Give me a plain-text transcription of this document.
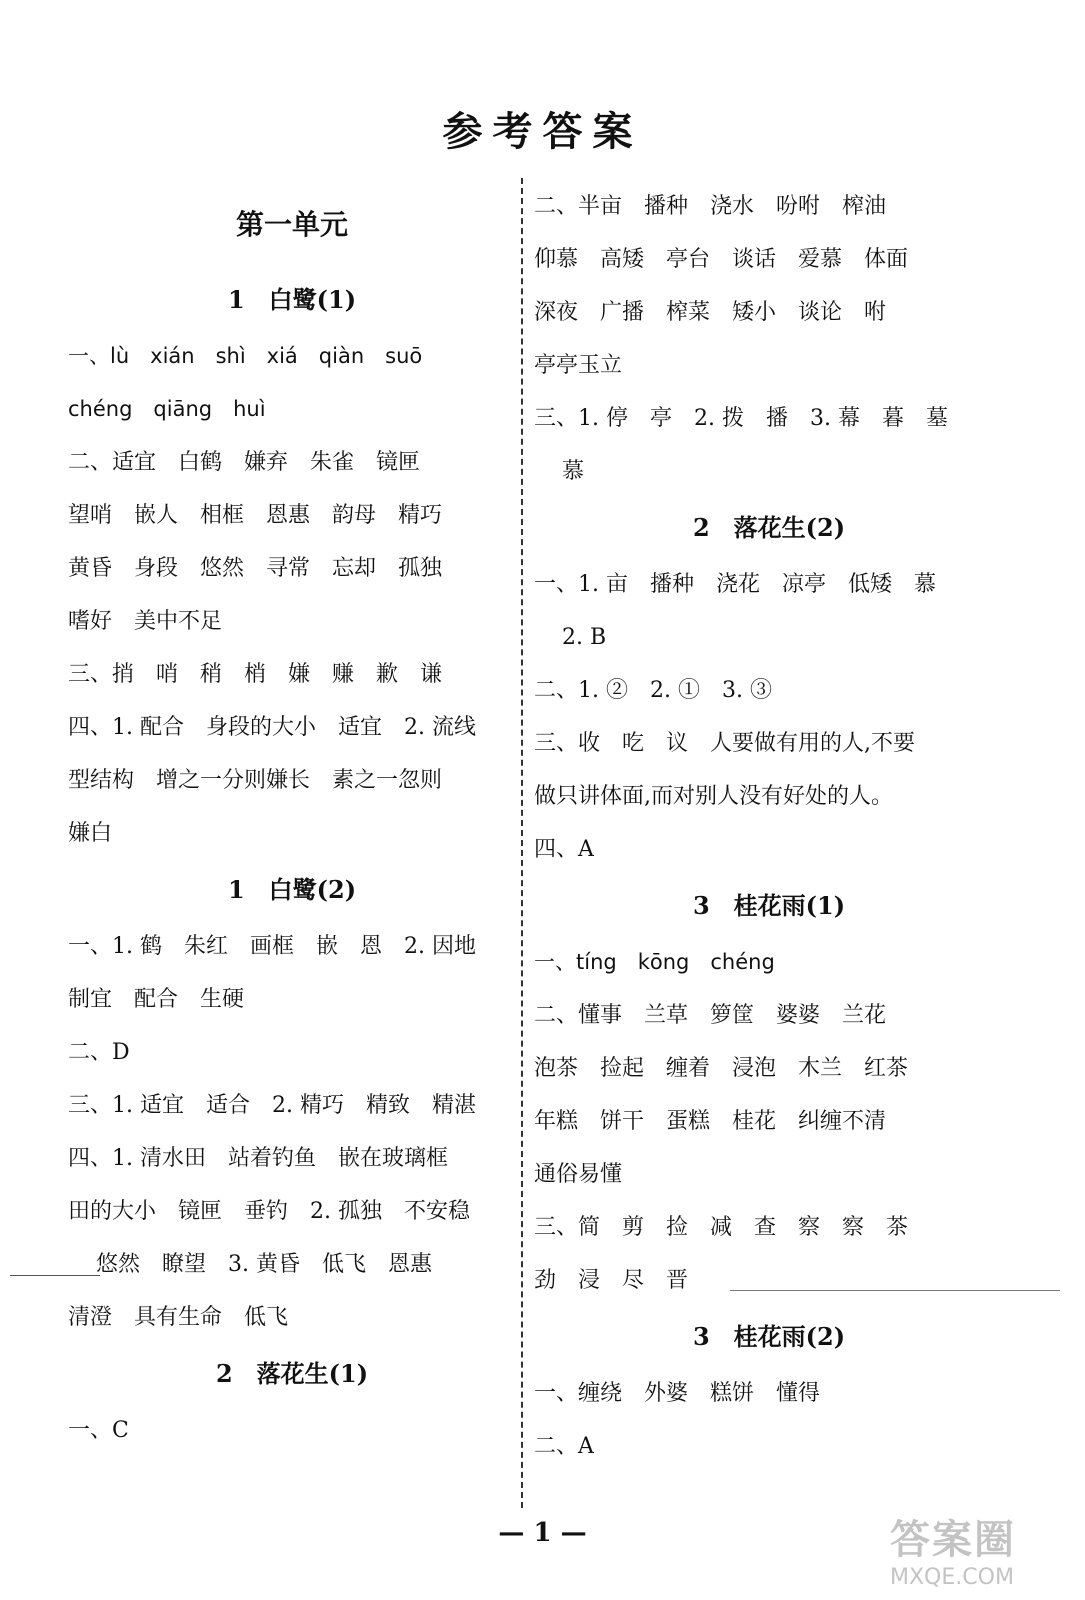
参考答案
第一单元
1　白鹭(1)
一、lù　xián　shì　xiá　qiàn　suō
chéng　qiāng　huì
二、适宜　白鹤　嫌弃　朱雀　镜匣
望哨　嵌人　相框　恩惠　韵母　精巧
黄昏　身段　悠然　寻常　忘却　孤独
嗜好　美中不足
三、捎　哨　稍　梢　嫌　赚　歉　谦
四、1. 配合　身段的大小　适宜　2. 流线
型结构　增之一分则嫌长　素之一忽则
嫌白
1　白鹭(2)
一、1. 鹤　朱红　画框　嵌　恩　2. 因地
制宜　配合　生硬
二、D
三、1. 适宜　适合　2. 精巧　精致　精湛
四、1. 清水田　站着钓鱼　嵌在玻璃框
田的大小　镜匣　垂钓　2. 孤独　不安稳
悠然　瞭望　3. 黄昏　低飞　恩惠
清澄　具有生命　低飞
2　落花生(1)
一、C
二、半亩　播种　浇水　吩咐　榨油
仰慕　高矮　亭台　谈话　爱慕　体面
深夜　广播　榨菜　矮小　谈论　咐
亭亭玉立
三、1. 停　亭　2. 拨　播　3. 幕　暮　墓
慕
2　落花生(2)
一、1. 亩　播种　浇花　凉亭　低矮　慕
2. B
二、1. ②　2. ①　3. ③
三、收　吃　议　人要做有用的人,不要
做只讲体面,而对别人没有好处的人。
四、A
3　桂花雨(1)
一、tíng　kōng　chéng
二、懂事　兰草　箩筐　婆婆　兰花
泡茶　捡起　缠着　浸泡　木兰　红茶
年糕　饼干　蛋糕　桂花　纠缠不清
通俗易懂
三、简　剪　捡　减　查　察　察　茶
劲　浸　尽　晋
3　桂花雨(2)
一、缠绕　外婆　糕饼　懂得
二、A
— 1 —	答案圈
MXQE.COM
